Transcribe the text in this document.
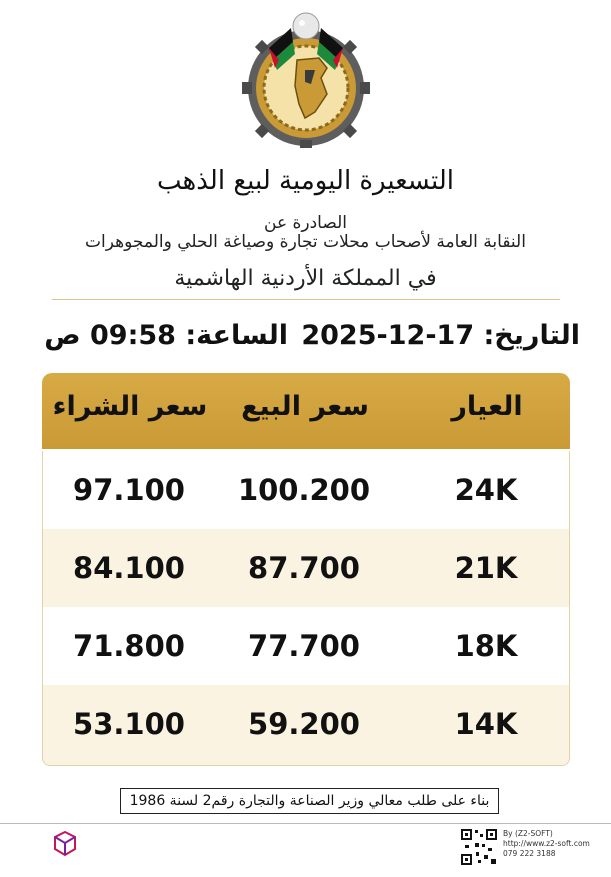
التسعيرة اليومية لبيع الذهب
الصادرة عن
النقابة العامة لأصحاب محلات تجارة وصياغة الحلي والمجوهرات
في المملكة الأردنية الهاشمية
التاريخ: 17-12-2025
الساعة: 09:58 ص
العيار
سعر البيع
سعر الشراء
24K
100.200
97.100
21K
87.700
84.100
18K
77.700
71.800
14K
59.200
53.100
بناء على طلب معالي وزير الصناعة والتجارة رقم2 لسنة 1986
By (Z2-SOFT)
http://www.z2-soft.com
079 222 3188
